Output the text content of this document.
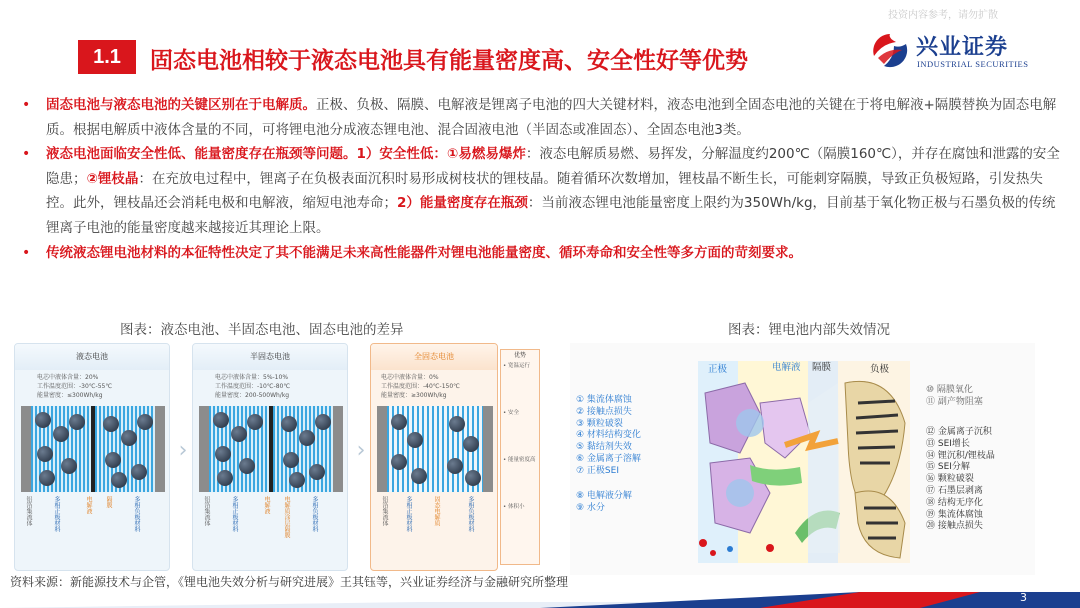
投资内容参考，请勿扩散
1.1	固态电池相较于液态电池具有能量密度高、安全性好等优势
兴业证券
INDUSTRIAL SECURITIES
• 固态电池与液态电池的关键区别在于电解质。正极、负极、隔膜、电解液是锂离子电池的四大关键材料，液态电池到全固态电池的关键在于将电解液+隔膜替换为固态电解质。根据电解质中液体含量的不同，可将锂电池分成液态锂电池、混合固液电池（半固态或准固态）、全固态电池3类。
• 液态电池面临安全性低、能量密度存在瓶颈等问题。1）安全性低：①易燃易爆炸：液态电解质易燃、易挥发，分解温度约200℃（隔膜160℃），并存在腐蚀和泄露的安全隐患；②锂枝晶：在充放电过程中，锂离子在负极表面沉积时易形成树枝状的锂枝晶。随着循环次数增加，锂枝晶不断生长，可能刺穿隔膜，导致正负极短路，引发热失控。此外，锂枝晶还会消耗电极和电解液，缩短电池寿命；2）能量密度存在瓶颈：当前液态锂电池能量密度上限约为350Wh/kg，目前基于氧化物正极与石墨负极的传统锂离子电池的能量密度越来越接近其理论上限。
• 传统液态锂电池材料的本征特性决定了其不能满足未来高性能器件对锂电池能量密度、循环寿命和安全性等多方面的苛刻要求。
图表：液态电池、半固态电池、固态电池的差异	图表：锂电池内部失效情况
液态电池
电芯中液体含量：20%
工作温度范围：-30℃-55℃
能量密度：≤300Wh/kg
铝箔集流体	多相正极材料	电解液 隔膜	多相负极材料
›
半固态电池
电芯中液体含量：5%-10%
工作温度范围：-10℃-80℃
能量密度：200-500Wh/kg
铝箔集流体	多相正极材料	电解液 电解质涂层隔膜	多相负极材料
›
全固态电池
电芯中液体含量：0%
工作温度范围：-40℃-150℃
能量密度：≥300Wh/kg
铝箔集流体	多相正极材料	固态电解质	多相负极材料
优势
• 宽温运行
• 安全
• 能量密度高
• 体积小
正极	电解液 隔膜	负极
① 集流体腐蚀
② 接触点损失
③ 颗粒破裂
④ 材料结构变化
⑤ 黏结剂失效
⑥ 金属离子溶解
⑦ 正极SEI
⑧ 电解液分解
⑨ 水分
⑩ 隔膜氧化
⑪ 副产物阻塞
⑫ 金属离子沉积
⑬ SEI增长
⑭ 锂沉积/锂枝晶
⑮ SEI分解
⑯ 颗粒破裂
⑰ 石墨层剥离
⑱ 结构无序化
⑲ 集流体腐蚀
⑳ 接触点损失
资料来源：新能源技术与企管，《锂电池失效分析与研究进展》王其钰等，兴业证券经济与金融研究所整理
3
